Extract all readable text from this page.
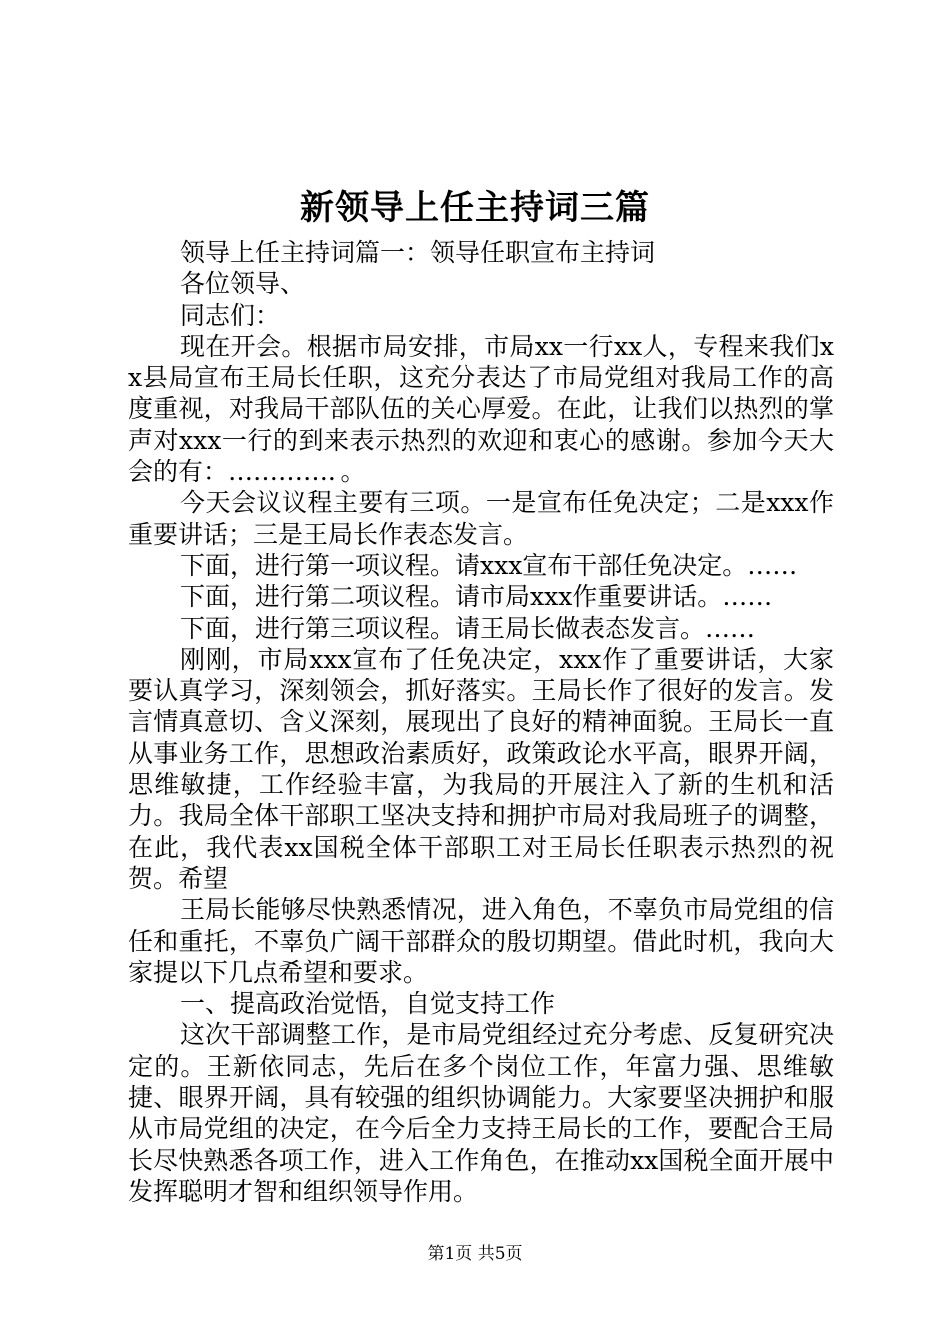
新领导上任主持词三篇

领导上任主持词篇一：领导任职宣布主持词

各位领导、

同志们：

现在开会。根据市局安排，市局xx一行xx人，专程来我们xx县局宣布王局长任职，这充分表达了市局党组对我局工作的高度重视，对我局干部队伍的关心厚爱。在此，让我们以热烈的掌声对xxx一行的到来表示热烈的欢迎和衷心的感谢。参加今天大会的有：…………．。

今天会议议程主要有三项。一是宣布任免决定；二是xxx作重要讲话；三是王局长作表态发言。

下面，进行第一项议程。请xxx宣布干部任免决定。……

下面，进行第二项议程。请市局xxx作重要讲话。……

下面，进行第三项议程。请王局长做表态发言。……

刚刚，市局xxx宣布了任免决定，xxx作了重要讲话，大家要认真学习，深刻领会，抓好落实。王局长作了很好的发言。发言情真意切、含义深刻，展现出了良好的精神面貌。王局长一直从事业务工作，思想政治素质好，政策政论水平高，眼界开阔，思维敏捷，工作经验丰富，为我局的开展注入了新的生机和活力。我局全体干部职工坚决支持和拥护市局对我局班子的调整，在此，我代表xx国税全体干部职工对王局长任职表示热烈的祝贺。希望

王局长能够尽快熟悉情况，进入角色，不辜负市局党组的信任和重托，不辜负广阔干部群众的殷切期望。借此时机，我向大家提以下几点希望和要求。

一、提高政治觉悟，自觉支持工作

这次干部调整工作，是市局党组经过充分考虑、反复研究决定的。王新依同志，先后在多个岗位工作，年富力强、思维敏捷、眼界开阔，具有较强的组织协调能力。大家要坚决拥护和服从市局党组的决定，在今后全力支持王局长的工作，要配合王局长尽快熟悉各项工作，进入工作角色，在推动xx国税全面开展中发挥聪明才智和组织领导作用。

第1页 共5页
